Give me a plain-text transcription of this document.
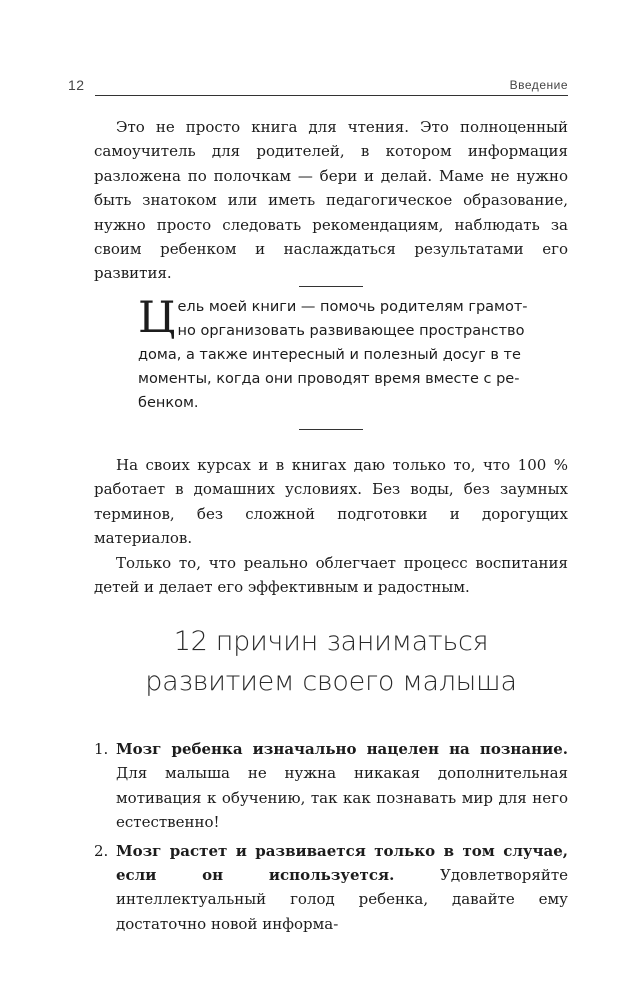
12	Введение

Это не просто книга для чтения. Это полноценный самоучитель для родителей, в котором информация разложена по полочкам — бери и делай. Маме не нужно быть знатоком или иметь педагогическое образование, нужно просто следовать рекомендациям, наблюдать за своим ребенком и наслаждаться результатами его развития.

Ц ель моей книги — помочь родителям грамот-
но организовать развивающее пространство
дома, а также интересный и полезный досуг в те
моменты, когда они проводят время вместе с ре-
бенком.

На своих курсах и в книгах даю только то, что 100 % работает в домашних условиях. Без воды, без заумных терминов, без сложной подготовки и дорогущих материалов.

Только то, что реально облегчает процесс воспитания детей и делает его эффективным и радостным.

12 причин заниматься
развитием своего малыша
1. Мозг ребенка изначально нацелен на познание. Для малыша не нужна никакая дополнительная мотивация к обучению, так как познавать мир для него естественно!
2. Мозг растет и развивается только в том случае, если он используется. Удовлетворяйте интеллектуальный голод ребенка, давайте ему достаточно новой информа-
